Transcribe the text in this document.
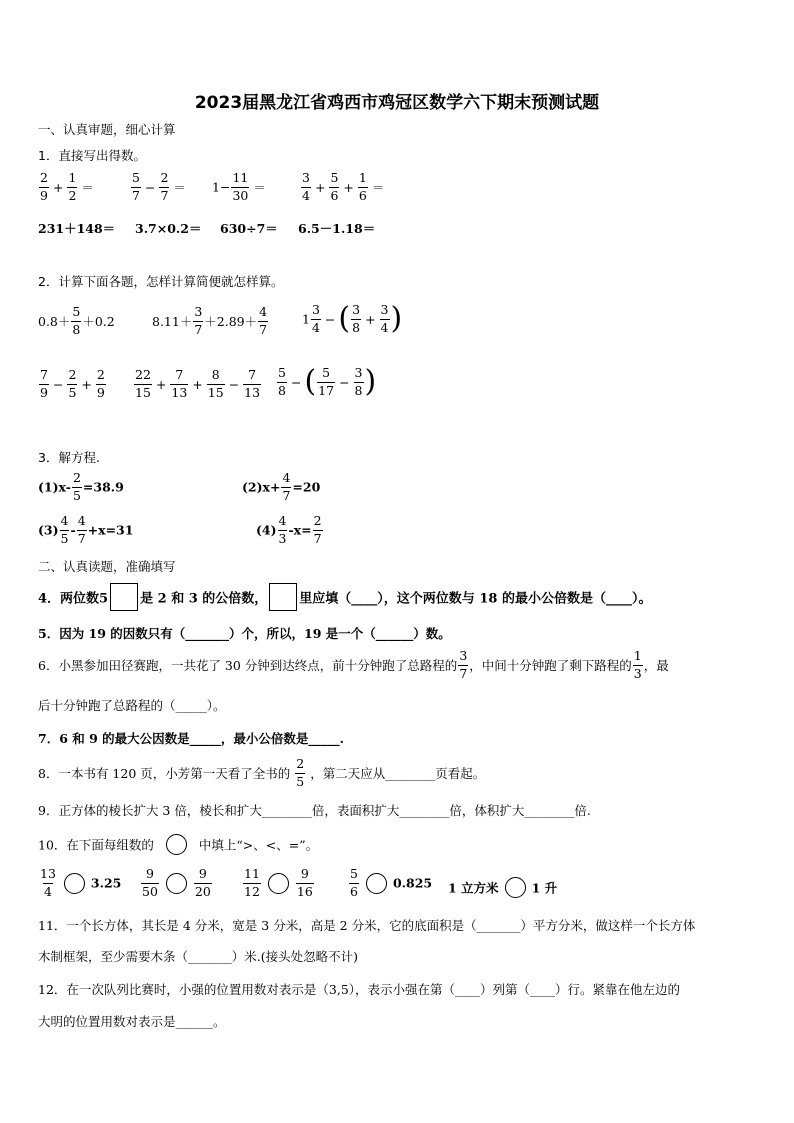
2023届黑龙江省鸡西市鸡冠区数学六下期末预测试题
一、认真审题，细心计算
1．直接写出得数。
$\frac{2}{9} + \frac{1}{2}$ ＝	$\frac{5}{7} - \frac{2}{7} = 1- \frac{11}{30}$ ＝	$\frac{3}{4} + \frac{5}{6} + \frac{1}{6}$ ＝
231＋148＝ 3.7×0.2＝ 630÷7＝ 6.5－1.18＝
2．计算下面各题，怎样计算简便就怎样算。
$0.8+ \frac{5}{8} +0.2$	$8.11+ \frac{3}{7} +2.89+ \frac{4}{7}$	$1 \frac{3}{4}$ − ( $\frac{3}{8} + \frac{3}{4}$ )
$\frac{7}{9} - \frac{2}{5} + \frac{2}{9} \frac{22}{15} + \frac{7}{13} + \frac{8}{15} - \frac{7}{13} \frac{5}{8}$ − ( $\frac{5}{17} - \frac{3}{8}$ )
3．解方程.
$(1)x- \frac{2}{5} =38.9$	$(2)x+ \frac{4}{7} =20$
$(3) \frac{4}{5} - \frac{4}{7} +x=31$	$(4) \frac{4}{3} -x= \frac{2}{7}$
二、认真读题，准确填写
4．两位数5 是 2 和 3 的公倍数， 里应填（____），这个两位数与 18 的最小公倍数是（____）。
5．因为 19 的因数只有（_______）个，所以，19 是一个（______）数。
6．小黑参加田径赛跑，一共花了 30 分钟到达终点，前十分钟跑了总路程的 $\frac{3}{7}$ ，中间十分钟跑了剩下路程的 $\frac{1}{3}$ ，最
后十分钟跑了总路程的（_____）。
7．6 和 9 的最大公因数是_____，最小公倍数是_____.
8．一本书有 120 页，小芳第一天看了全书的 $\frac{2}{5}$ ，第二天应从________页看起。
9．正方体的棱长扩大 3 倍，棱长和扩大________倍，表面积扩大________倍，体积扩大________倍.
10．在下面每组数的	中填上“>、<、=”。
$\frac{13}{4}$	$3.25 \frac{9}{50}$	$\frac{9}{20} \frac{11}{12}$	$\frac{9}{16}$	$\frac{5}{6}$	0.825 1 立方米	1 升
11．一个长方体，其长是 4 分米，宽是 3 分米，高是 2 分米，它的底面积是（_______）平方分米，做这样一个长方体
木制框架，至少需要木条（_______）米.(接头处忽略不计)
12．在一次队列比赛时，小强的位置用数对表示是（3,5），表示小强在第（____）列第（____）行。紧靠在他左边的
大明的位置用数对表示是______。
